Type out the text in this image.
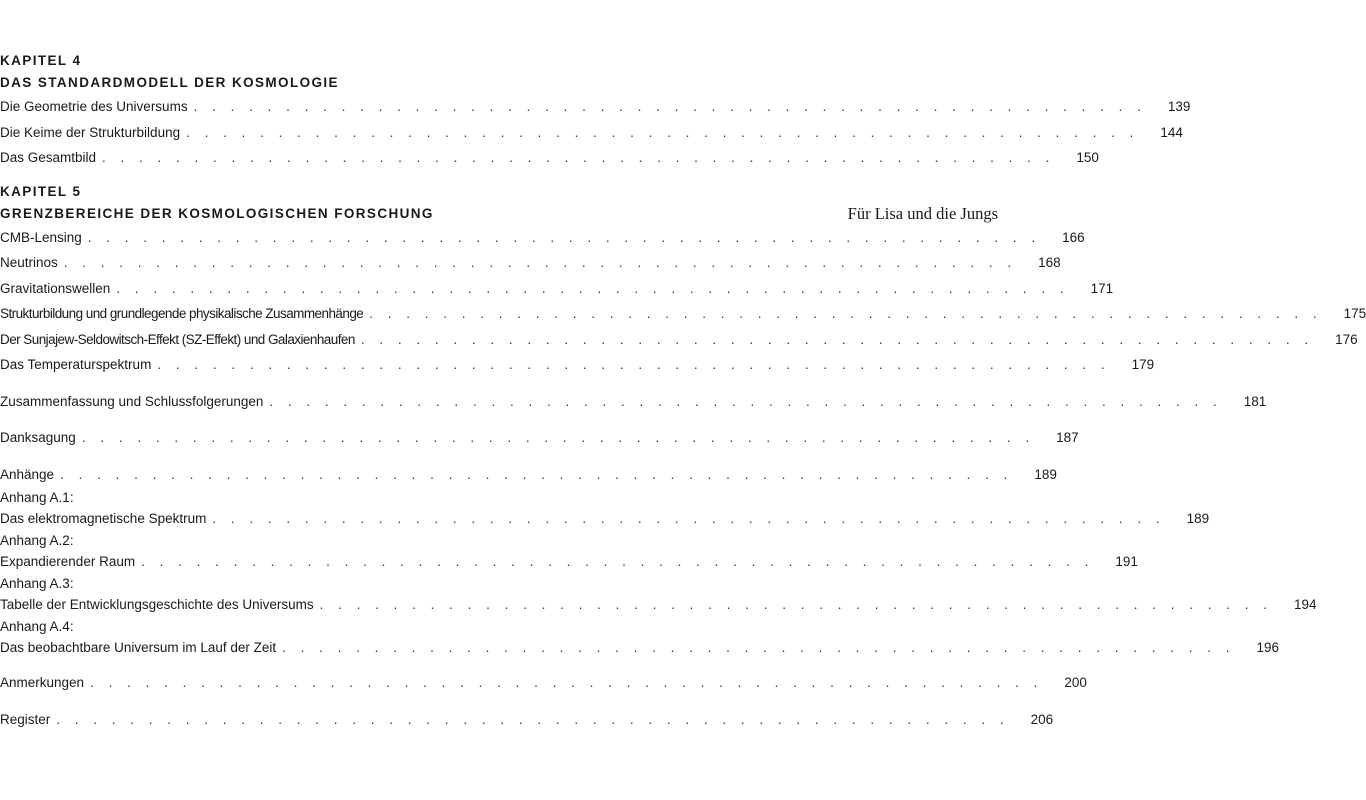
KAPITEL 4
DAS STANDARDMODELL DER KOSMOLOGIE
Die Geometrie des Universums . . . . . . . . . . . . . . . . . . . . . . . . . . . . . . . . . . . . . . . . . . . . . . . . . . . .	139
Die Keime der Strukturbildung . . . . . . . . . . . . . . . . . . . . . . . . . . . . . . . . . . . . . . . . . . . . . . . . . . . .	144
Das Gesamtbild . . . . . . . . . . . . . . . . . . . . . . . . . . . . . . . . . . . . . . . . . . . . . . . . . . . .	150
KAPITEL 5
GRENZBEREICHE DER KOSMOLOGISCHEN FORSCHUNG
CMB-Lensing . . . . . . . . . . . . . . . . . . . . . . . . . . . . . . . . . . . . . . . . . . . . . . . . . . . .	166
Neutrinos . . . . . . . . . . . . . . . . . . . . . . . . . . . . . . . . . . . . . . . . . . . . . . . . . . . .	168
Gravitationswellen . . . . . . . . . . . . . . . . . . . . . . . . . . . . . . . . . . . . . . . . . . . . . . . . . . . .	171
Strukturbildung und grundlegende physikalische Zusammenhänge . . . . . . . . . . . . . . . . . . . . . . . . . . . . . . . . . . . . . . . . . . . . . . . . . . . .	175
Der Sunjajew-Seldowitsch-Effekt (SZ-Effekt) und Galaxienhaufen . . . . . . . . . . . . . . . . . . . . . . . . . . . . . . . . . . . . . . . . . . . . . . . . . . . .	176
Das Temperaturspektrum . . . . . . . . . . . . . . . . . . . . . . . . . . . . . . . . . . . . . . . . . . . . . . . . . . . .	179
Zusammenfassung und Schlussfolgerungen . . . . . . . . . . . . . . . . . . . . . . . . . . . . . . . . . . . . . . . . . . . . . . . . . . . .	181
Danksagung . . . . . . . . . . . . . . . . . . . . . . . . . . . . . . . . . . . . . . . . . . . . . . . . . . . .	187
Anhänge . . . . . . . . . . . . . . . . . . . . . . . . . . . . . . . . . . . . . . . . . . . . . . . . . . . .	189
Anhang A.1:
Das elektromagnetische Spektrum . . . . . . . . . . . . . . . . . . . . . . . . . . . . . . . . . . . . . . . . . . . . . . . . . . . .	189
Anhang A.2:
Expandierender Raum . . . . . . . . . . . . . . . . . . . . . . . . . . . . . . . . . . . . . . . . . . . . . . . . . . . .	191
Anhang A.3:
Tabelle der Entwicklungsgeschichte des Universums . . . . . . . . . . . . . . . . . . . . . . . . . . . . . . . . . . . . . . . . . . . . . . . . . . . .	194
Anhang A.4:
Das beobachtbare Universum im Lauf der Zeit . . . . . . . . . . . . . . . . . . . . . . . . . . . . . . . . . . . . . . . . . . . . . . . . . . . .	196
Anmerkungen . . . . . . . . . . . . . . . . . . . . . . . . . . . . . . . . . . . . . . . . . . . . . . . . . . . .	200
Register . . . . . . . . . . . . . . . . . . . . . . . . . . . . . . . . . . . . . . . . . . . . . . . . . . . .	206
Für Lisa und die Jungs
